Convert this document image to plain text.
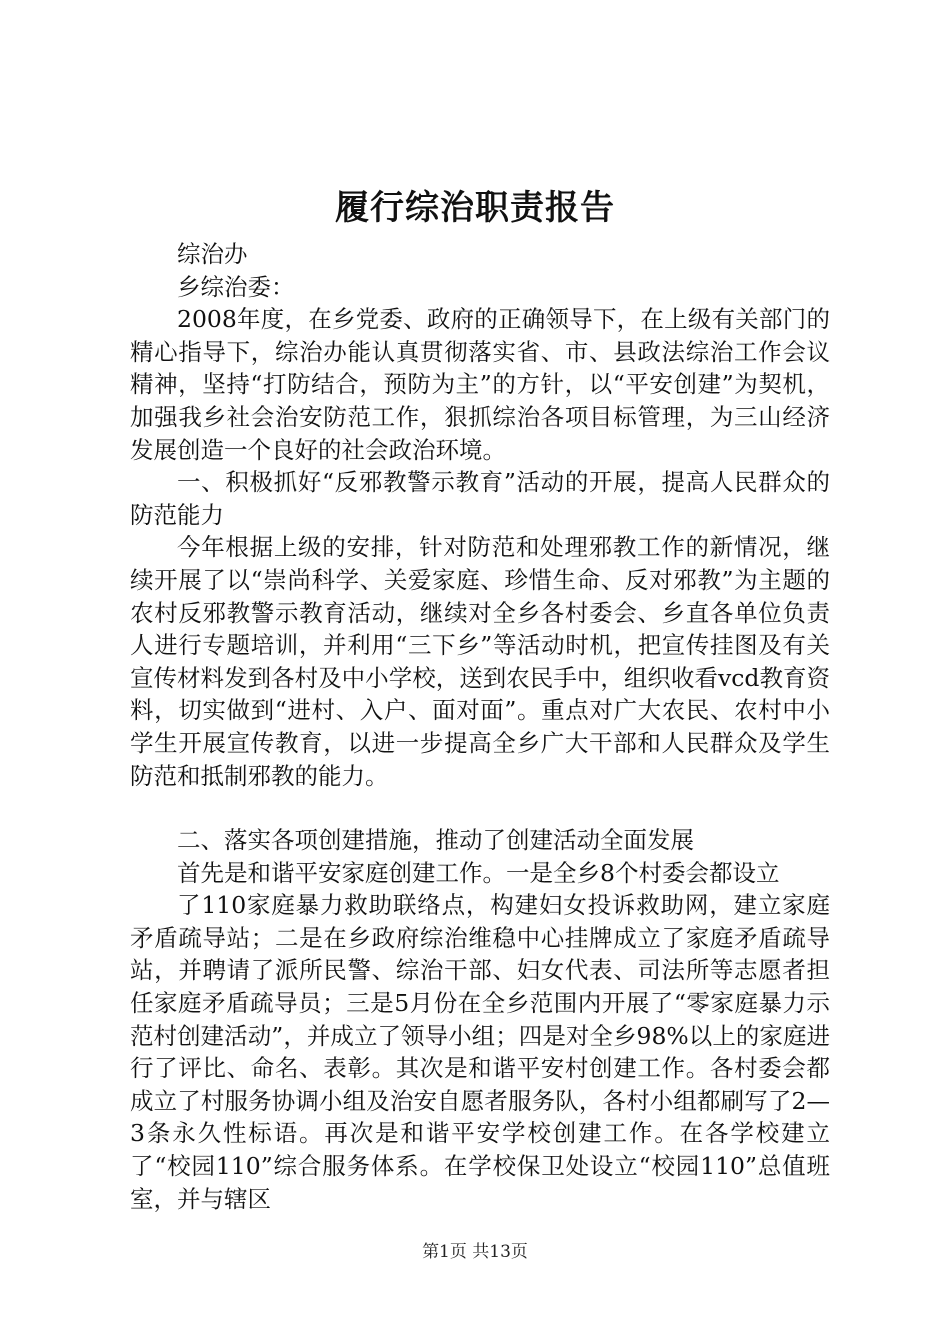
履行综治职责报告

综治办

乡综治委：

2008年度，在乡党委、政府的正确领导下，在上级有关部门的精心指导下，综治办能认真贯彻落实省、市、县政法综治工作会议精神，坚持“打防结合，预防为主”的方针，以“平安创建”为契机，加强我乡社会治安防范工作，狠抓综治各项目标管理，为三山经济发展创造一个良好的社会政治环境。

一、积极抓好“反邪教警示教育”活动的开展，提高人民群众的防范能力

今年根据上级的安排，针对防范和处理邪教工作的新情况，继续开展了以“崇尚科学、关爱家庭、珍惜生命、反对邪教”为主题的农村反邪教警示教育活动，继续对全乡各村委会、乡直各单位负责人进行专题培训，并利用“三下乡”等活动时机，把宣传挂图及有关宣传材料发到各村及中小学校，送到农民手中，组织收看vcd教育资料，切实做到“进村、入户、面对面”。重点对广大农民、农村中小学生开展宣传教育，以进一步提高全乡广大干部和人民群众及学生防范和抵制邪教的能力。

二、落实各项创建措施，推动了创建活动全面发展

首先是和谐平安家庭创建工作。一是全乡8个村委会都设立

了110家庭暴力救助联络点，构建妇女投诉救助网，建立家庭矛盾疏导站；二是在乡政府综治维稳中心挂牌成立了家庭矛盾疏导站，并聘请了派所民警、综治干部、妇女代表、司法所等志愿者担任家庭矛盾疏导员；三是5月份在全乡范围内开展了“零家庭暴力示范村创建活动”，并成立了领导小组；四是对全乡98%以上的家庭进行了评比、命名、表彰。其次是和谐平安村创建工作。各村委会都成立了村服务协调小组及治安自愿者服务队，各村小组都刷写了2—3条永久性标语。再次是和谐平安学校创建工作。在各学校建立了“校园110”综合服务体系。在学校保卫处设立“校园110”总值班室，并与辖区

第1页 共13页
